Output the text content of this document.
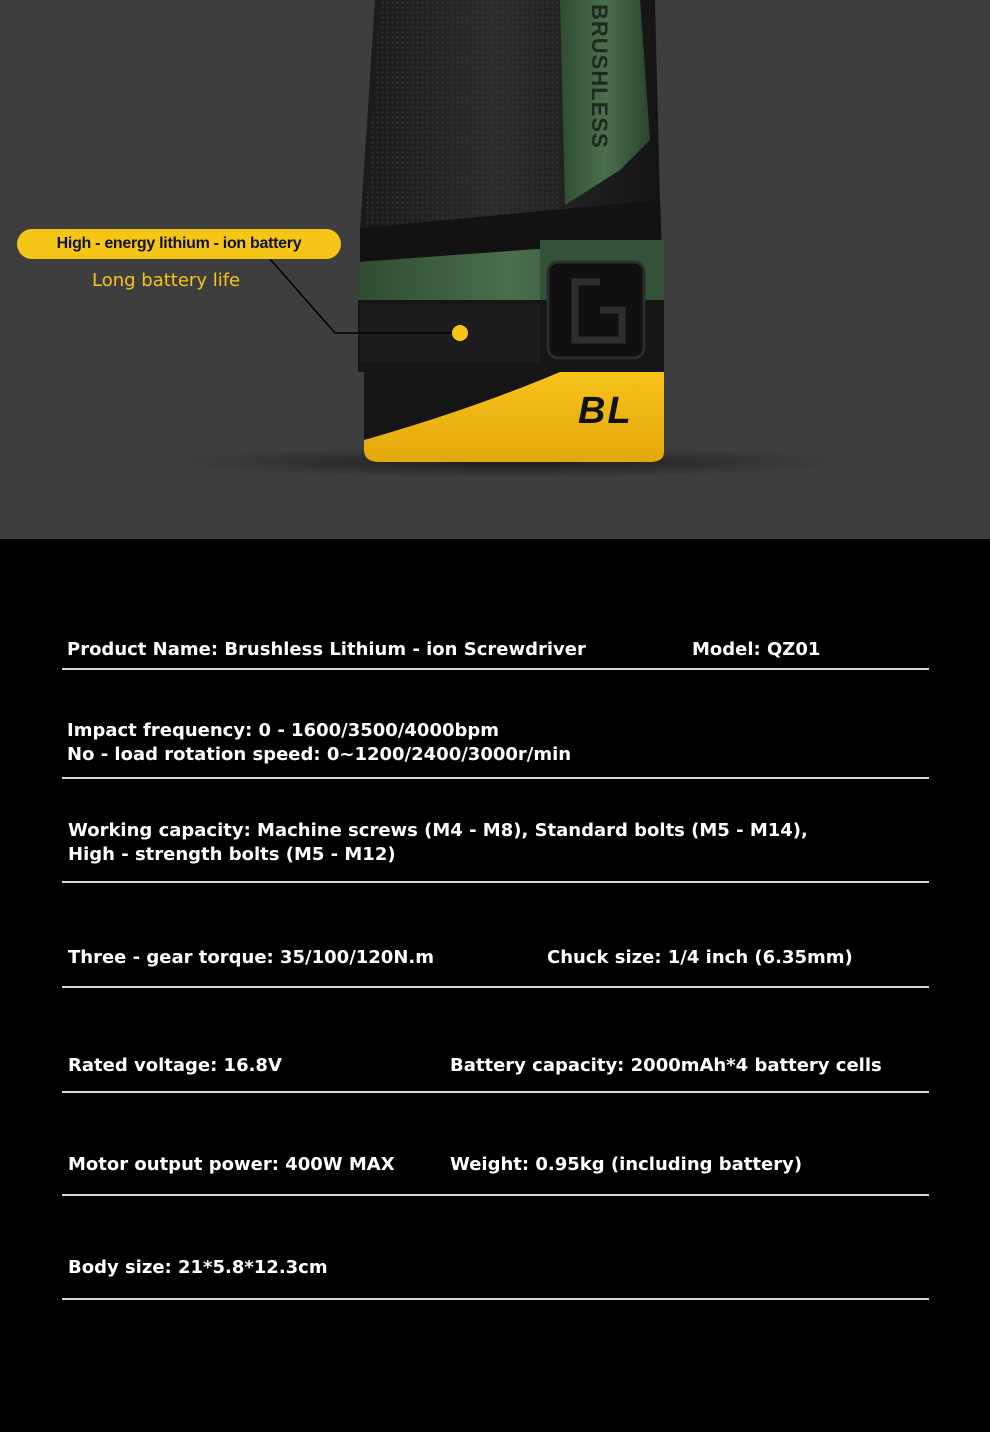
BRUSHLESS
BL
High - energy lithium - ion battery
Long battery life
Product Name: Brushless Lithium - ion Screwdriver	Model: QZ01
Impact frequency: 0 - 1600/3500/4000bpm
No - load rotation speed: 0~1200/2400/3000r/min
Working capacity: Machine screws (M4 - M8), Standard bolts (M5 - M14),
High - strength bolts (M5 - M12)
Three - gear torque: 35/100/120N.m	Chuck size: 1/4 inch (6.35mm)
Rated voltage: 16.8V	Battery capacity: 2000mAh*4 battery cells
Motor output power: 400W MAX	Weight: 0.95kg (including battery)
Body size: 21*5.8*12.3cm
